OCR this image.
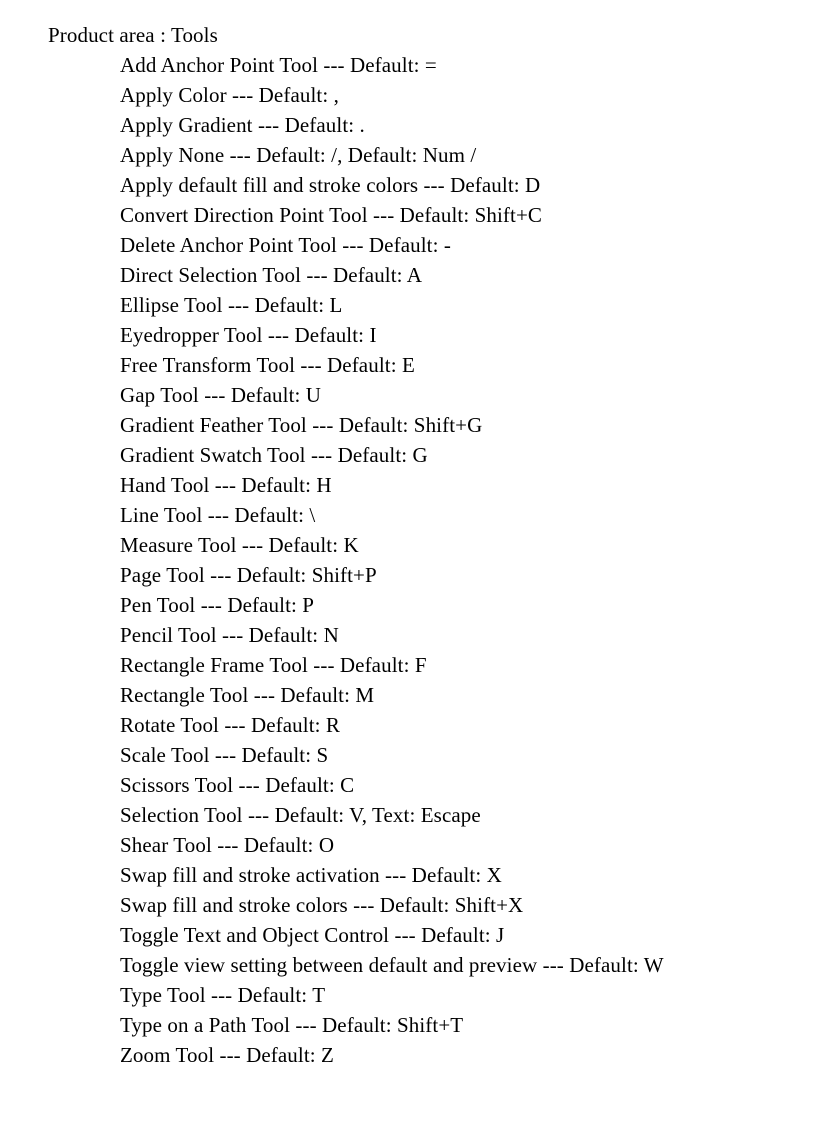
Product area : Tools
Add Anchor Point Tool --- Default: =
Apply Color --- Default: ,
Apply Gradient --- Default: .
Apply None --- Default: /, Default: Num /
Apply default fill and stroke colors --- Default: D
Convert Direction Point Tool --- Default: Shift+C
Delete Anchor Point Tool --- Default: -
Direct Selection Tool --- Default: A
Ellipse Tool --- Default: L
Eyedropper Tool --- Default: I
Free Transform Tool --- Default: E
Gap Tool --- Default: U
Gradient Feather Tool --- Default: Shift+G
Gradient Swatch Tool --- Default: G
Hand Tool --- Default: H
Line Tool --- Default: \
Measure Tool --- Default: K
Page Tool --- Default: Shift+P
Pen Tool --- Default: P
Pencil Tool --- Default: N
Rectangle Frame Tool --- Default: F
Rectangle Tool --- Default: M
Rotate Tool --- Default: R
Scale Tool --- Default: S
Scissors Tool --- Default: C
Selection Tool --- Default: V, Text: Escape
Shear Tool --- Default: O
Swap fill and stroke activation --- Default: X
Swap fill and stroke colors --- Default: Shift+X
Toggle Text and Object Control --- Default: J
Toggle view setting between default and preview --- Default: W
Type Tool --- Default: T
Type on a Path Tool --- Default: Shift+T
Zoom Tool --- Default: Z
